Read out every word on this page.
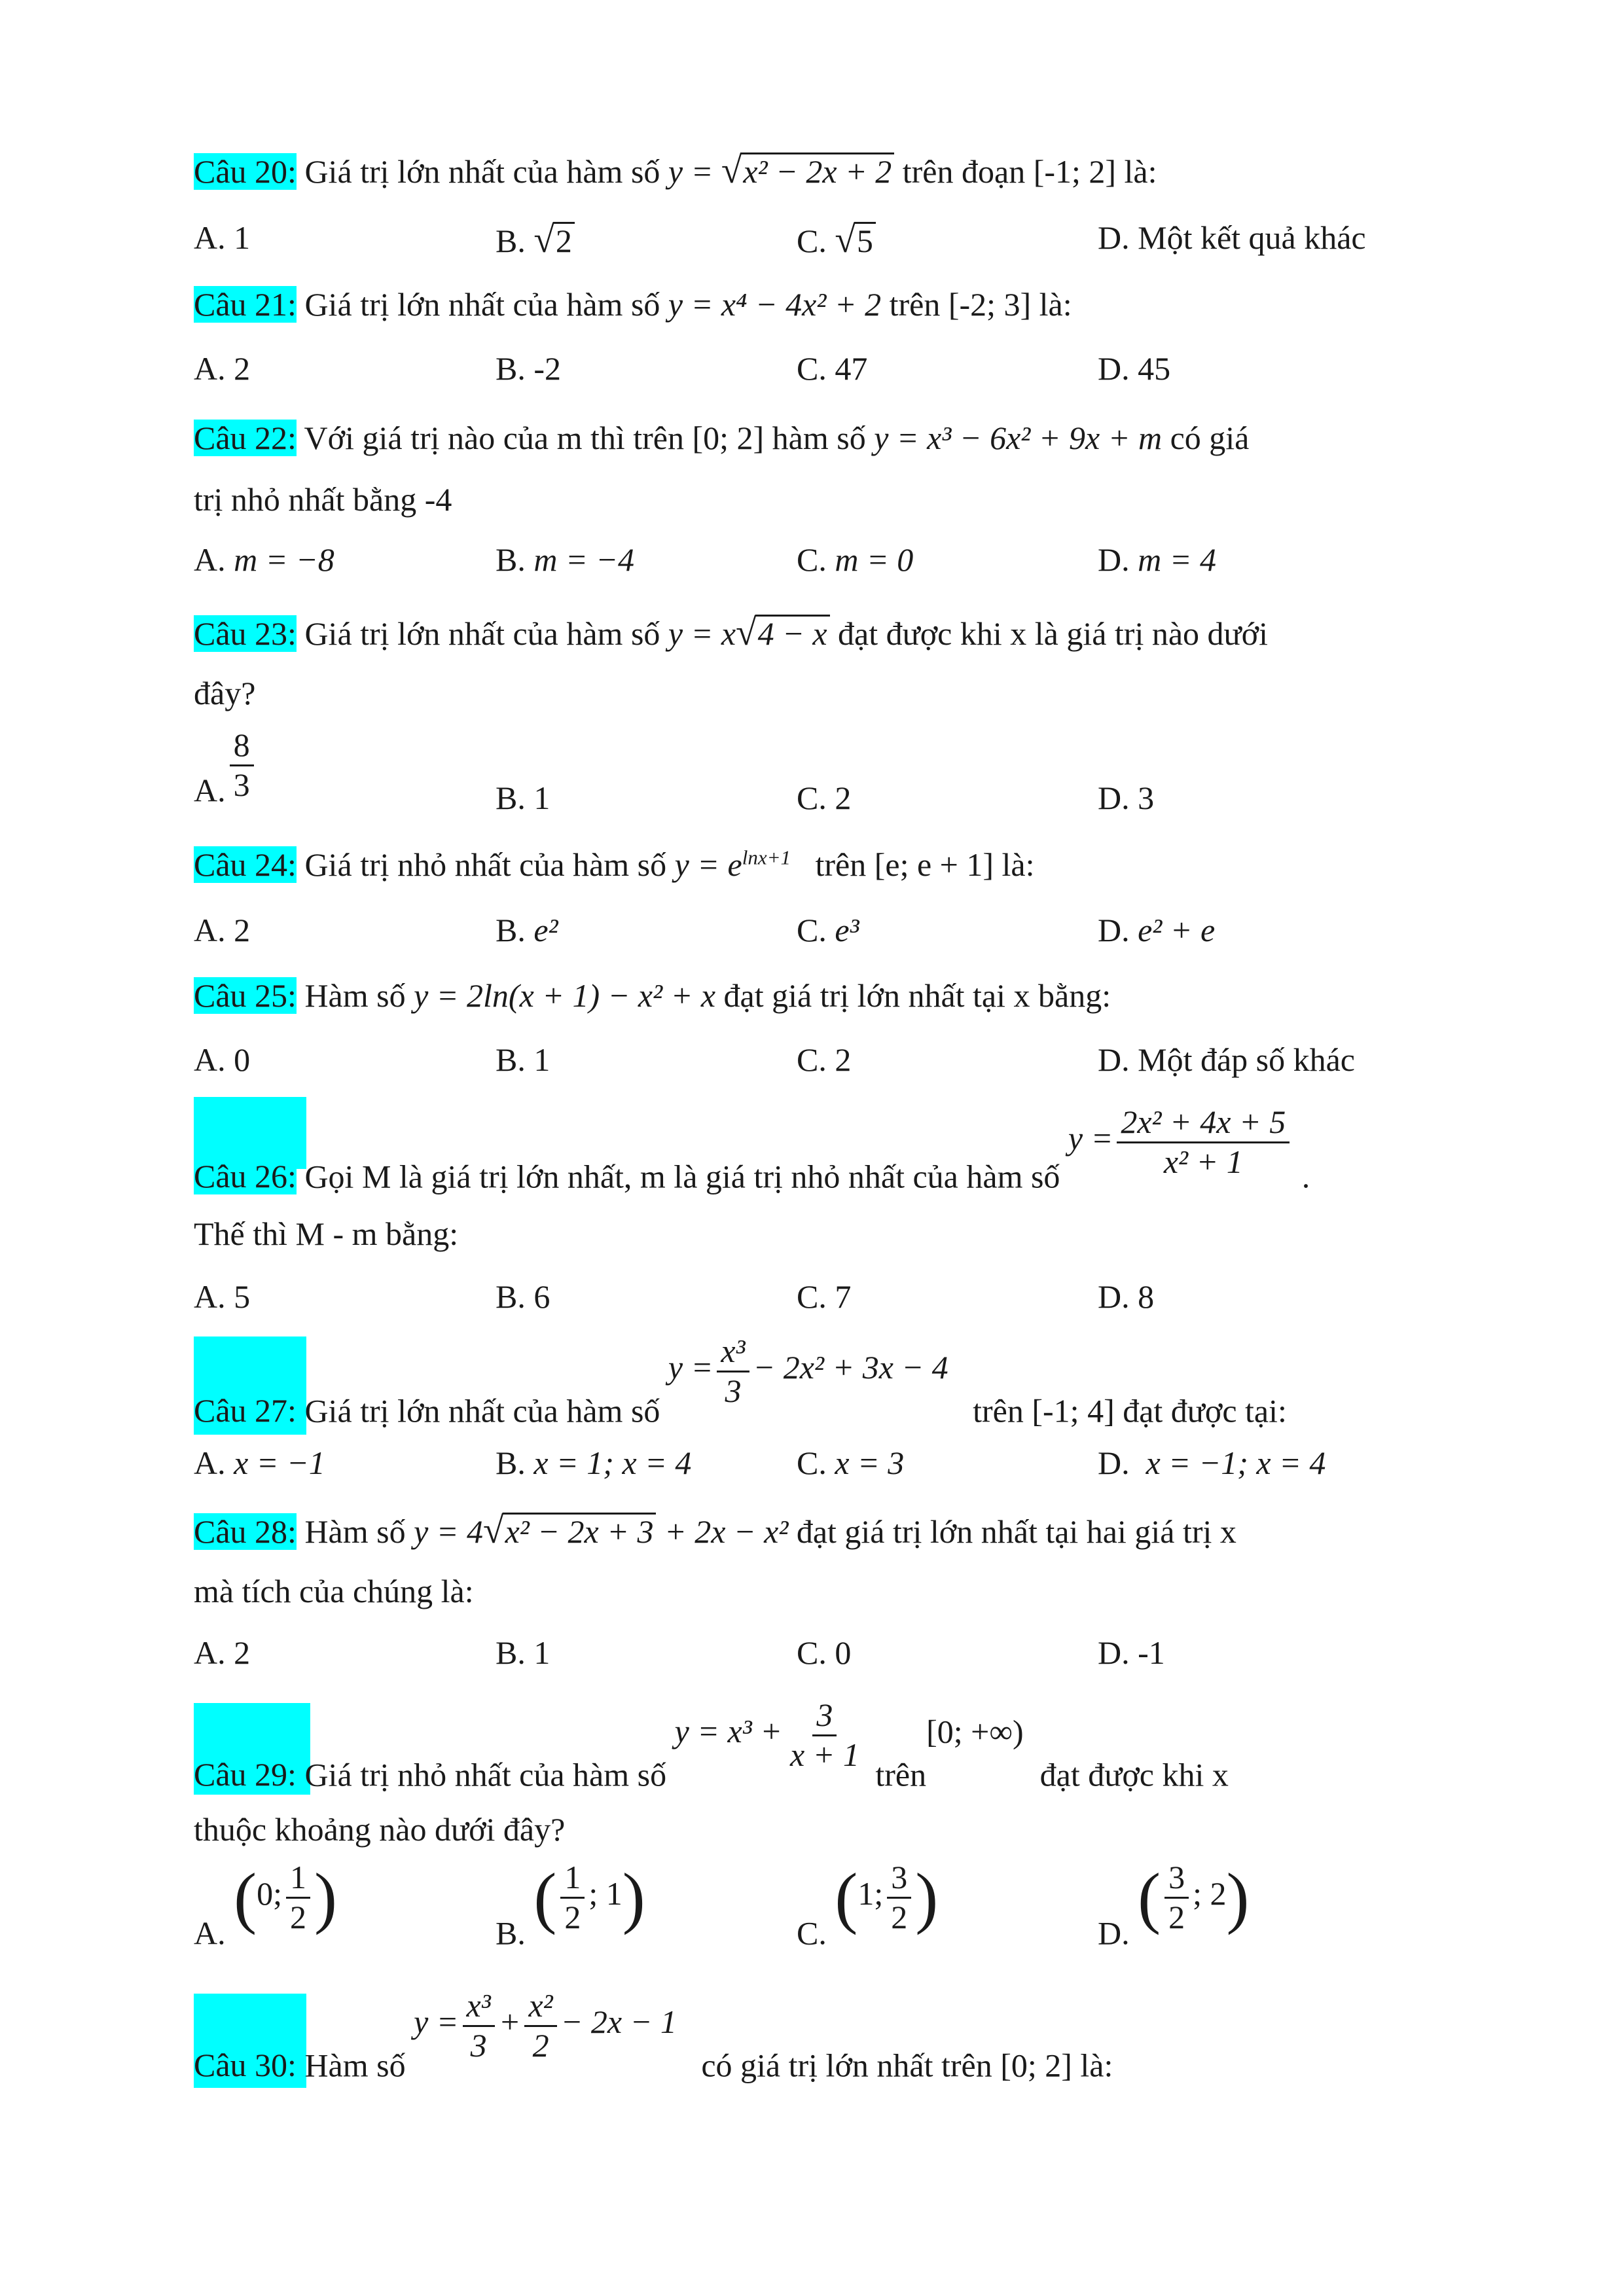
Câu 20: Giá trị lớn nhất của hàm số y = √x² − 2x + 2 trên đoạn [-1; 2] là:
A. 1	B. √2	C. √5	D. Một kết quả khác
Câu 21: Giá trị lớn nhất của hàm số y = x⁴ − 4x² + 2 trên [-2; 3] là:
A. 2	B. -2	C. 47	D. 45
Câu 22: Với giá trị nào của m thì trên [0; 2] hàm số y = x³ − 6x² + 9x + m có giá
trị nhỏ nhất bằng -4
A. m = −8	B. m = −4	C. m = 0	D. m = 4
Câu 23: Giá trị lớn nhất của hàm số y = x√4 − x đạt được khi x là giá trị nào dưới
đây?
A. $\frac{8}{3}$	B. 1	C. 2	D. 3
Câu 24: Giá trị nhỏ nhất của hàm số $y = e^{lnx+1}$ trên [e; e + 1] là:
A. 2	B. e²	C. e³	D. e² + e
Câu 25: Hàm số y = 2ln(x + 1) − x² + x đạt giá trị lớn nhất tại x bằng:
A. 0	B. 1	C. 2	D. Một đáp số khác
Câu 26: Gọi M là giá trị lớn nhất, m là giá trị nhỏ nhất của hàm số $y = \frac{\text{2x² + 4x + 5}}{\text{x² + 1}}$ .
Thế thì M - m bằng:
A. 5	B. 6	C. 7	D. 8
Câu 27: Giá trị lớn nhất của hàm số $y = \frac{\text{x³}}{3} - 2x^2 + 3x - 4$   trên [-1; 4] đạt được tại:
A. x = −1	B. x = 1; x = 4	C. x = 3	D. x = −1; x = 4
Câu 28: Hàm số y = 4√x² − 2x + 3 + 2x − x² đạt giá trị lớn nhất tại hai giá trị x
mà tích của chúng là:
A. 2	B. 1	C. 0	D. -1
Câu 29: Giá trị nhỏ nhất của hàm số $y = x^3 + \frac{3}{x + 1}$
trên[0; +∞)  đạt được khi x
thuộc khoảng nào dưới đây?
A. (0; $\frac{1}{2}$ )	B. ( $\frac{1}{2}$ ; 1)	C. (1; $\frac{3}{2}$ )	D. ( $\frac{3}{2}$ ; 2)
Câu 30: Hàm số $y = \frac{\text{x³}}{3} + \frac{\text{x²}}{2} - 2x - 1$   có giá trị lớn nhất trên [0; 2] là:
